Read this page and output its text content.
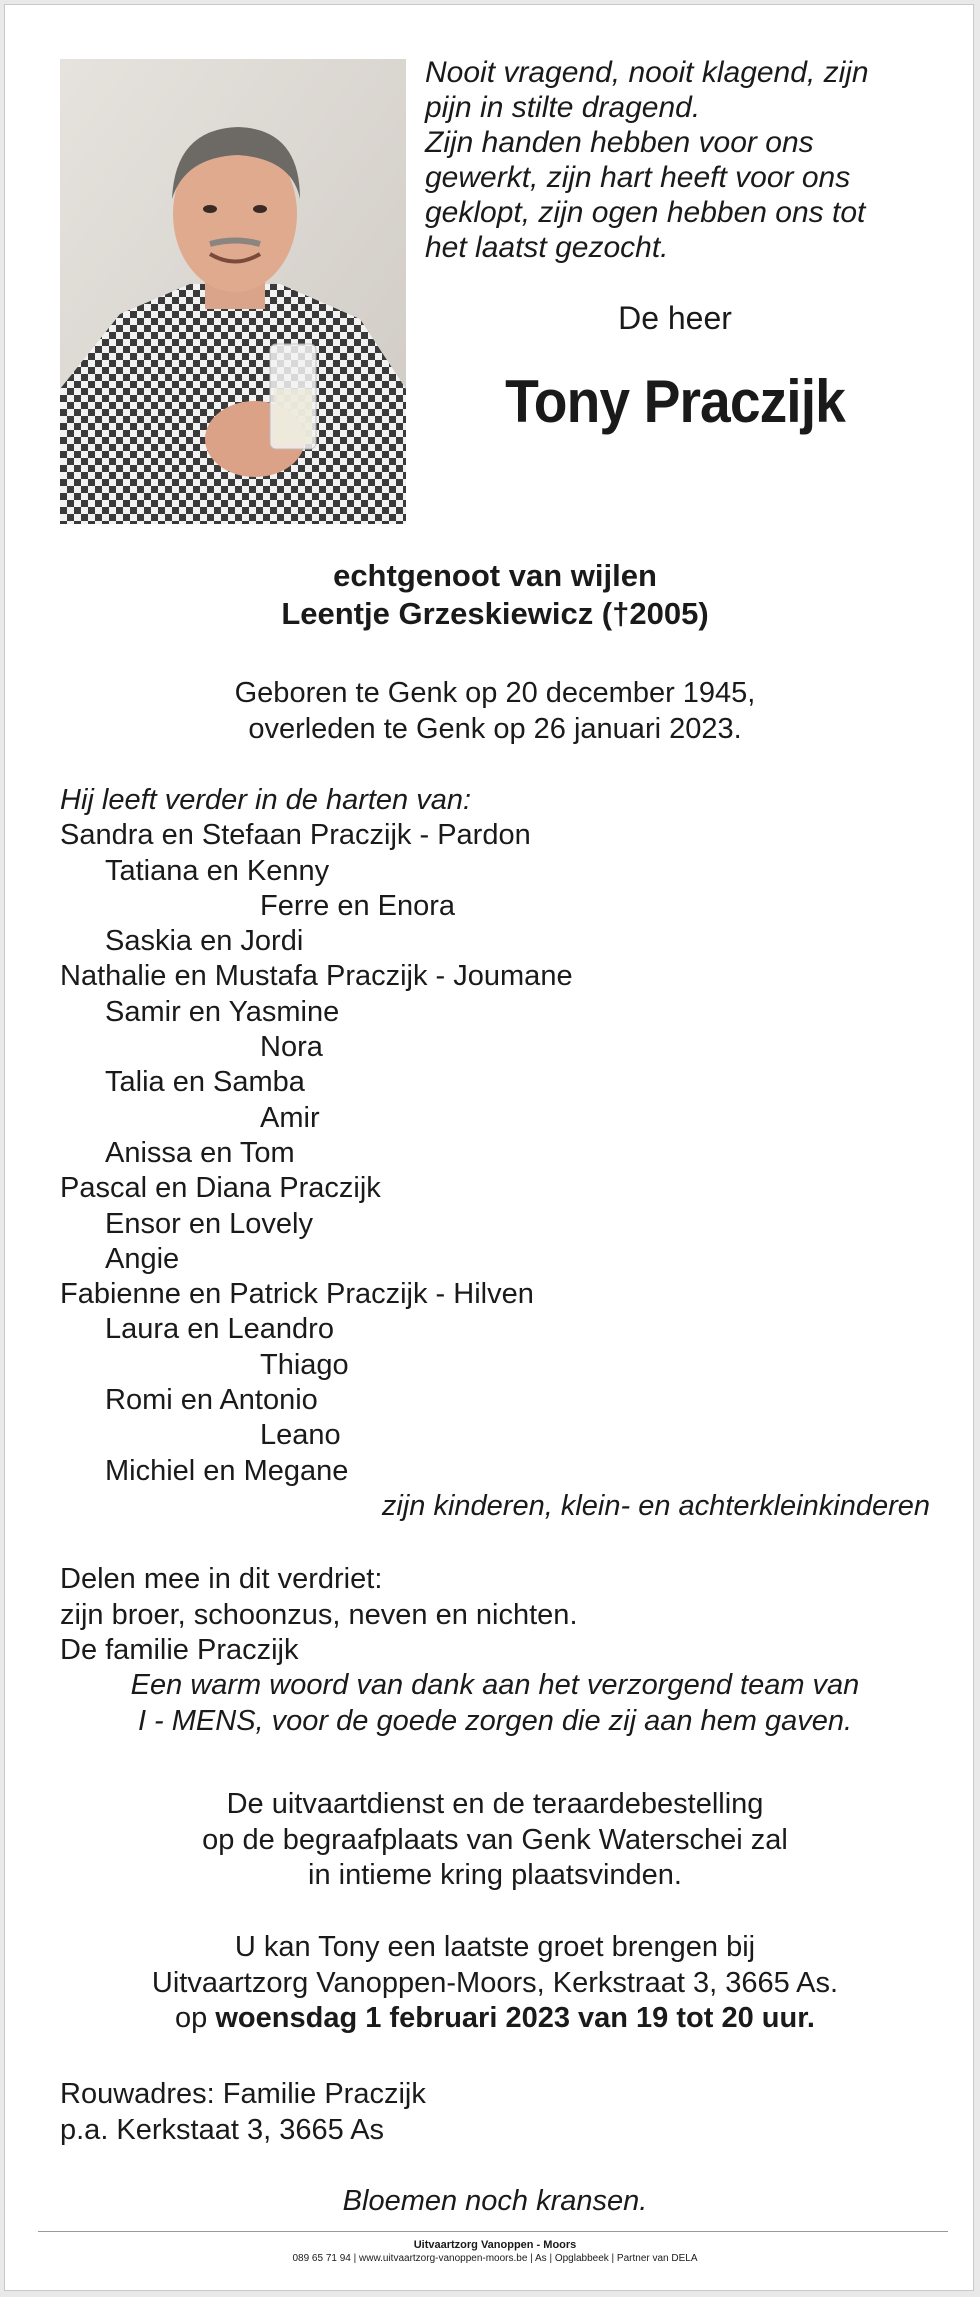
Nooit vragend, nooit klagend, zijn
pijn in stilte dragend.
Zijn handen hebben voor ons
gewerkt, zijn hart heeft voor ons
geklopt, zijn ogen hebben ons tot
het laatst gezocht.

De heer
Tony Praczijk
echtgenoot van wijlen
Leentje Grzeskiewicz (†2005)
Geboren te Genk op 20 december 1945,
overleden te Genk op 26 januari 2023.
Hij leeft verder in de harten van:
Sandra en Stefaan Praczijk - Pardon
Tatiana en Kenny
Ferre en Enora
Saskia en Jordi
Nathalie en Mustafa Praczijk - Joumane
Samir en Yasmine
Nora
Talia en Samba
Amir
Anissa en Tom
Pascal en Diana Praczijk
Ensor en Lovely
Angie
Fabienne en Patrick Praczijk - Hilven
Laura en Leandro
Thiago
Romi en Antonio
Leano
Michiel en Megane
zijn kinderen, klein- en achterkleinkinderen
Delen mee in dit verdriet:
zijn broer, schoonzus, neven en nichten.
De familie Praczijk
Een warm woord van dank aan het verzorgend team van
I - MENS, voor de goede zorgen die zij aan hem gaven.
De uitvaartdienst en de teraardebestelling
op de begraafplaats van Genk Waterschei zal
in intieme kring plaatsvinden.
U kan Tony een laatste groet brengen bij
Uitvaartzorg Vanoppen-Moors, Kerkstraat 3, 3665 As.
op woensdag 1 februari 2023 van 19 tot 20 uur.
Rouwadres: Familie Praczijk
p.a. Kerkstaat 3, 3665 As
Bloemen noch kransen.
Uitvaartzorg Vanoppen - Moors
089 65 71 94 | www.uitvaartzorg-vanoppen-moors.be | As | Opglabbeek | Partner van DELA
